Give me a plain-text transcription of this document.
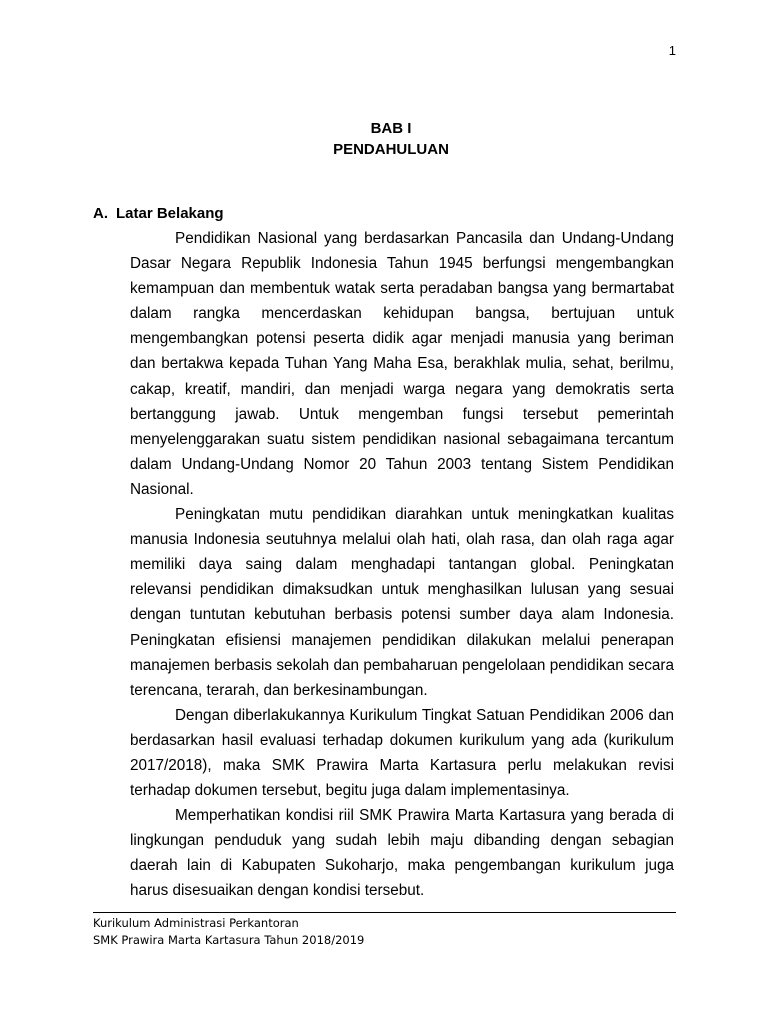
1
BAB I
PENDAHULUAN
A. Latar Belakang

Pendidikan Nasional yang berdasarkan Pancasila dan Undang-Undang Dasar Negara Republik Indonesia Tahun 1945 berfungsi mengembangkan kemampuan dan membentuk watak serta peradaban bangsa yang bermartabat dalam rangka mencerdaskan kehidupan bangsa, bertujuan untuk mengembangkan potensi peserta didik agar menjadi manusia yang beriman dan bertakwa kepada Tuhan Yang Maha Esa, berakhlak mulia, sehat, berilmu, cakap, kreatif, mandiri, dan menjadi warga negara yang demokratis serta bertanggung jawab. Untuk mengemban fungsi tersebut pemerintah menyelenggarakan suatu sistem pendidikan nasional sebagaimana tercantum dalam Undang-Undang Nomor 20 Tahun 2003 tentang Sistem Pendidikan Nasional.

Peningkatan mutu pendidikan diarahkan untuk meningkatkan kualitas manusia Indonesia seutuhnya melalui olah hati, olah rasa, dan olah raga agar memiliki daya saing dalam menghadapi tantangan global. Peningkatan relevansi pendidikan dimaksudkan untuk menghasilkan lulusan yang sesuai dengan tuntutan kebutuhan berbasis potensi sumber daya alam Indonesia. Peningkatan efisiensi manajemen pendidikan dilakukan melalui penerapan manajemen berbasis sekolah dan pembaharuan pengelolaan pendidikan secara terencana, terarah, dan berkesinambungan.

Dengan diberlakukannya Kurikulum Tingkat Satuan Pendidikan 2006 dan berdasarkan hasil evaluasi terhadap dokumen kurikulum yang ada (kurikulum 2017/2018), maka SMK Prawira Marta Kartasura perlu melakukan revisi terhadap dokumen tersebut, begitu juga dalam implementasinya.

Memperhatikan kondisi riil SMK Prawira Marta Kartasura yang berada di lingkungan penduduk yang sudah lebih maju dibanding dengan sebagian daerah lain di Kabupaten Sukoharjo, maka pengembangan kurikulum juga harus disesuaikan dengan kondisi tersebut.

Kurikulum Administrasi Perkantoran
SMK Prawira Marta Kartasura Tahun 2018/2019
